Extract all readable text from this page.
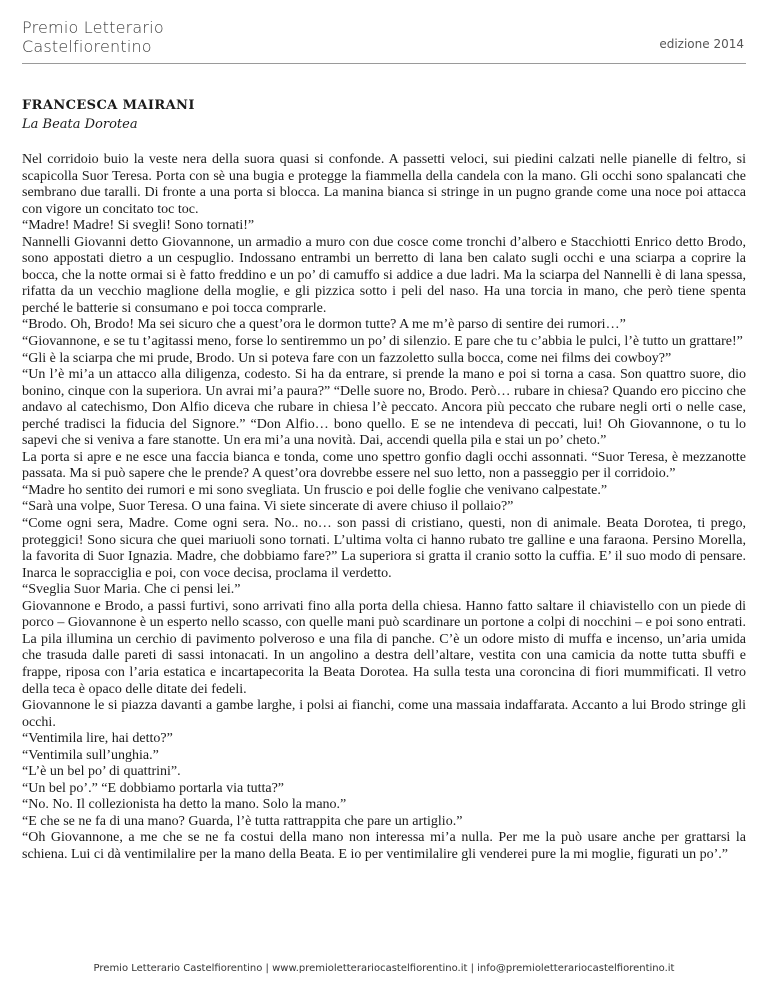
Premio Letterario
Castelfiorentino	edizione 2014
FRANCESCA MAIRANI
La Beata Dorotea

Nel corridoio buio la veste nera della suora quasi si confonde. A passetti veloci, sui piedini calzati nelle pianelle di feltro, si scapicolla Suor Teresa. Porta con sè una bugia e protegge la fiammella della candela con la mano. Gli occhi sono spalancati che sembrano due taralli. Di fronte a una porta si blocca. La manina bianca si stringe in un pugno grande come una noce poi attacca con vigore un concitato toc toc.

“Madre! Madre! Si svegli! Sono tornati!”

Nannelli Giovanni detto Giovannone, un armadio a muro con due cosce come tronchi d’albero e Stacchiotti Enrico detto Brodo, sono appostati dietro a un cespuglio. Indossano entrambi un berretto di lana ben calato sugli occhi e una sciarpa a coprire la bocca, che la notte ormai si è fatto freddino e un po’ di camuffo si addice a due ladri. Ma la sciarpa del Nannelli è di lana spessa, rifatta da un vecchio maglione della moglie, e gli pizzica sotto i peli del naso. Ha una torcia in mano, che però tiene spenta perché le batterie si consumano e poi tocca comprarle.

“Brodo. Oh, Brodo! Ma sei sicuro che a quest’ora le dormon tutte? A me m’è parso di sentire dei rumori…”

“Giovannone, e se tu t’agitassi meno, forse lo sentiremmo un po’ di silenzio. E pare che tu c’abbia le pulci, l’è tutto un grattare!”

“Gli è la sciarpa che mi prude, Brodo. Un si poteva fare con un fazzoletto sulla bocca, come nei films dei cowboy?”

“Un l’è mi’a un attacco alla diligenza, codesto. Si ha da entrare, si prende la mano e poi si torna a casa. Son quattro suore, dio bonino, cinque con la superiora. Un avrai mi’a paura?” “Delle suore no, Brodo. Però… rubare in chiesa? Quando ero piccino che andavo al catechismo, Don Alfio diceva che rubare in chiesa l’è peccato. Ancora più peccato che rubare negli orti o nelle case, perché tradisci la fiducia del Signore.” “Don Alfio… bono quello. E se ne intendeva di peccati, lui! Oh Giovannone, o tu lo sapevi che si veniva a fare stanotte. Un era mi’a una novità. Dai, accendi quella pila e stai un po’ cheto.”

La porta si apre e ne esce una faccia bianca e tonda, come uno spettro gonfio dagli occhi assonnati. “Suor Teresa, è mezzanotte passata. Ma si può sapere che le prende? A quest’ora dovrebbe essere nel suo letto, non a passeggio per il corridoio.”

“Madre ho sentito dei rumori e mi sono svegliata. Un fruscio e poi delle foglie che venivano calpestate.”

“Sarà una volpe, Suor Teresa. O una faina. Vi siete sincerate di avere chiuso il pollaio?”

“Come ogni sera, Madre. Come ogni sera. No.. no… son passi di cristiano, questi, non di animale. Beata Dorotea, ti prego, proteggici! Sono sicura che quei mariuoli sono tornati. L’ultima volta ci hanno rubato tre galline e una faraona. Persino Morella, la favorita di Suor Ignazia. Madre, che dobbiamo fare?” La superiora si gratta il cranio sotto la cuffia. E’ il suo modo di pensare. Inarca le sopracciglia e poi, con voce decisa, proclama il verdetto.

“Sveglia Suor Maria. Che ci pensi lei.”

Giovannone e Brodo, a passi furtivi, sono arrivati fino alla porta della chiesa. Hanno fatto saltare il chiavistello con un piede di porco – Giovannone è un esperto nello scasso, con quelle mani può scardinare un portone a colpi di nocchini – e poi sono entrati. La pila illumina un cerchio di pavimento polveroso e una fila di panche. C’è un odore misto di muffa e incenso, un’aria umida che trasuda dalle pareti di sassi intonacati. In un angolino a destra dell’altare, vestita con una camicia da notte tutta sbuffi e frappe, riposa con l’aria estatica e incartapecorita la Beata Dorotea. Ha sulla testa una coroncina di fiori mummificati. Il vetro della teca è opaco delle ditate dei fedeli.

Giovannone le si piazza davanti a gambe larghe, i polsi ai fianchi, come una massaia indaffarata. Accanto a lui Brodo stringe gli occhi.

“Ventimila lire, hai detto?”

“Ventimila sull’unghia.”

“L’è un bel po’ di quattrini”.

“Un bel po’.” “E dobbiamo portarla via tutta?”

“No. No. Il collezionista ha detto la mano. Solo la mano.”

“E che se ne fa di una mano? Guarda, l’è tutta rattrappita che pare un artiglio.”

“Oh Giovannone, a me che se ne fa costui della mano non interessa mi’a nulla. Per me la può usare anche per grattarsi la schiena. Lui ci dà ventimilalire per la mano della Beata. E io per ventimilalire gli venderei pure la mi moglie, figurati un po’.”

Premio Letterario Castelfiorentino | www.premioletterariocastelfiorentino.it | info@premioletterariocastelfiorentino.it
